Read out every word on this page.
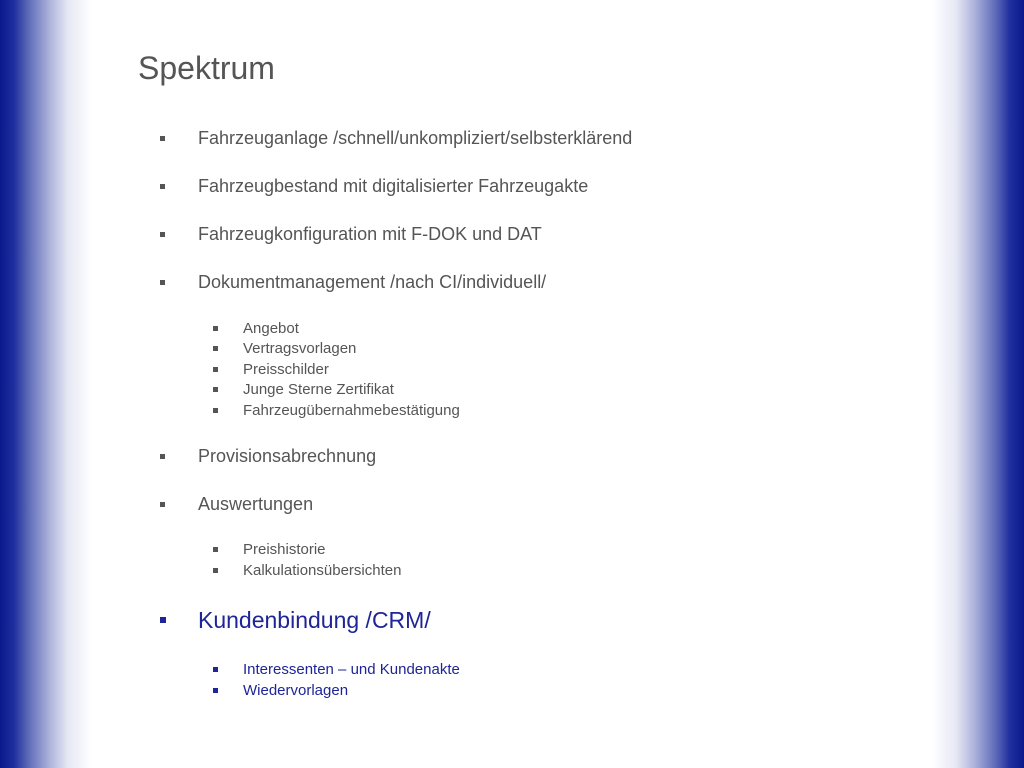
Spektrum
Fahrzeuganlage /schnell/unkompliziert/selbsterklärend
Fahrzeugbestand mit digitalisierter Fahrzeugakte
Fahrzeugkonfiguration mit F-DOK und DAT
Dokumentmanagement /nach CI/individuell/
Angebot
Vertragsvorlagen
Preisschilder
Junge Sterne Zertifikat
Fahrzeugübernahmebestätigung
Provisionsabrechnung
Auswertungen
Preishistorie
Kalkulationsübersichten
Kundenbindung /CRM/
Interessenten – und Kundenakte
Wiedervorlagen
